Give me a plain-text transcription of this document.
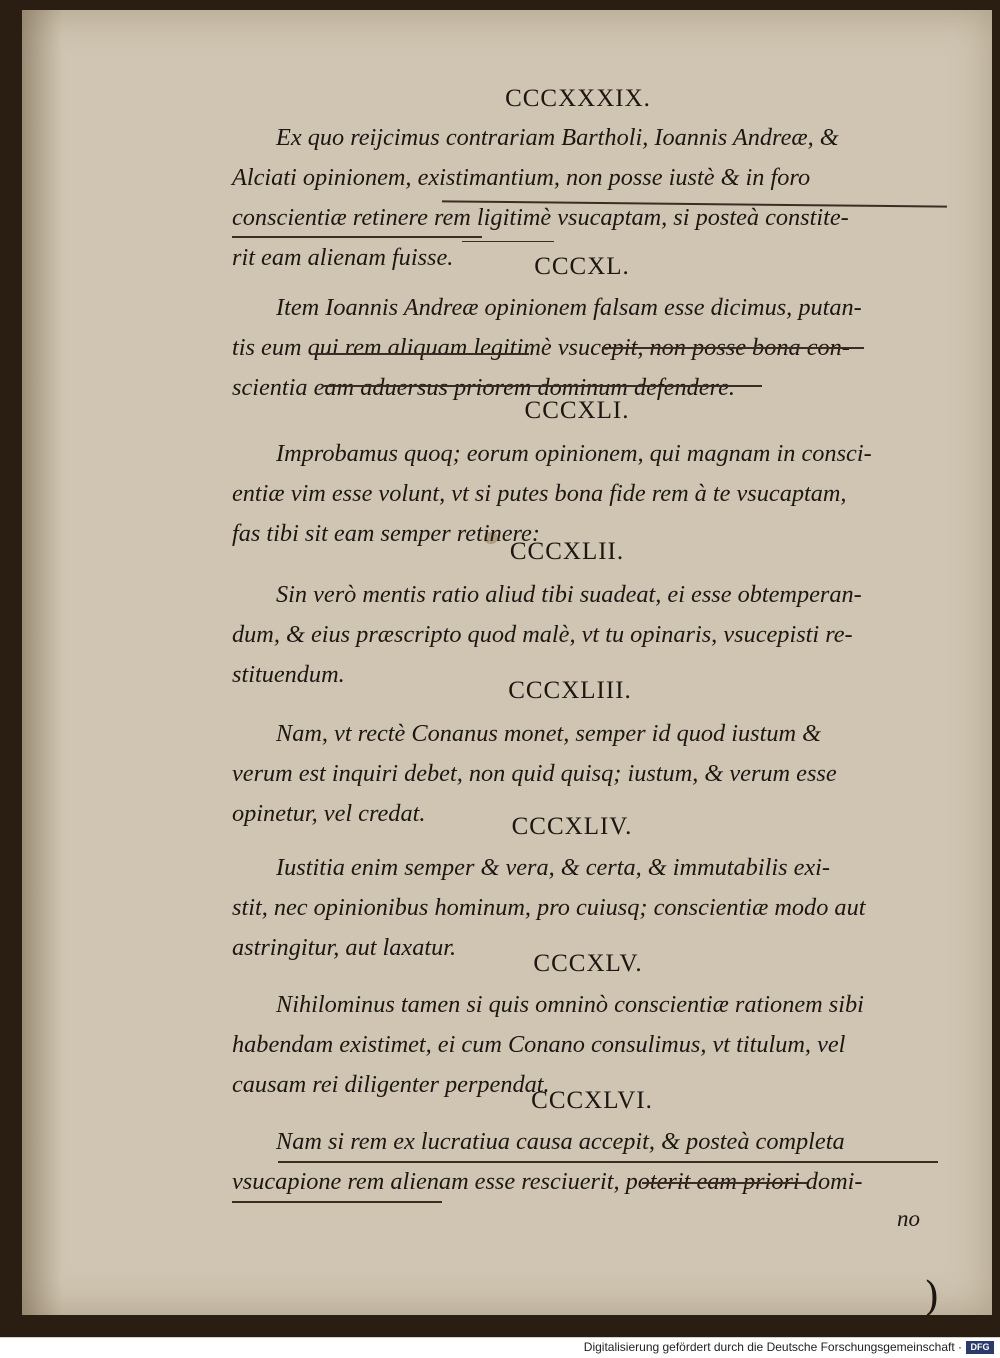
CCCXXXIX.

Ex quo reijcimus contrariam Bartholi, Ioannis Andreæ, &

Alciati opinionem, existimantium, non posse iustè & in foro

conscientiæ retinere rem ligitimè vsucaptam, si posteà constite-

rit eam alienam fuisse.	CCCXL.

Item Ioannis Andreæ opinionem falsam esse dicimus, putan-

tis eum qui rem aliquam legitimè vsucepit, non posse bona con-

scientia eam aduersus priorem dominum defendere.

CCCXLI.

Improbamus quoq; eorum opinionem, qui magnam in consci-

entiæ vim esse volunt, vt si putes bona fide rem à te vsucaptam,

fas tibi sit eam semper retinere:

CCCXLII.

Sin verò mentis ratio aliud tibi suadeat, ei esse obtemperan-

dum, & eius præscripto quod malè, vt tu opinaris, vsucepisti re-

stituendum.

CCCXLIII.

Nam, vt rectè Conanus monet, semper id quod iustum &

verum est inquiri debet, non quid quisq; iustum, & verum esse

opinetur, vel credat.	CCCXLIV.

Iustitia enim semper & vera, & certa, & immutabilis exi-

stit, nec opinionibus hominum, pro cuiusq; conscientiæ modo aut

astringitur, aut laxatur.

CCCXLV.

Nihilominus tamen si quis omninò conscientiæ rationem sibi

habendam existimet, ei cum Conano consulimus, vt titulum, vel

causam rei diligenter perpendat.

CCCXLVI.

Nam si rem ex lucratiua causa accepit, & posteà completa

vsucapione rem alienam esse resciuerit, poterit eam priori domi-

no
)
Digitalisierung gefördert durch die Deutsche Forschungsgemeinschaft · DFG
